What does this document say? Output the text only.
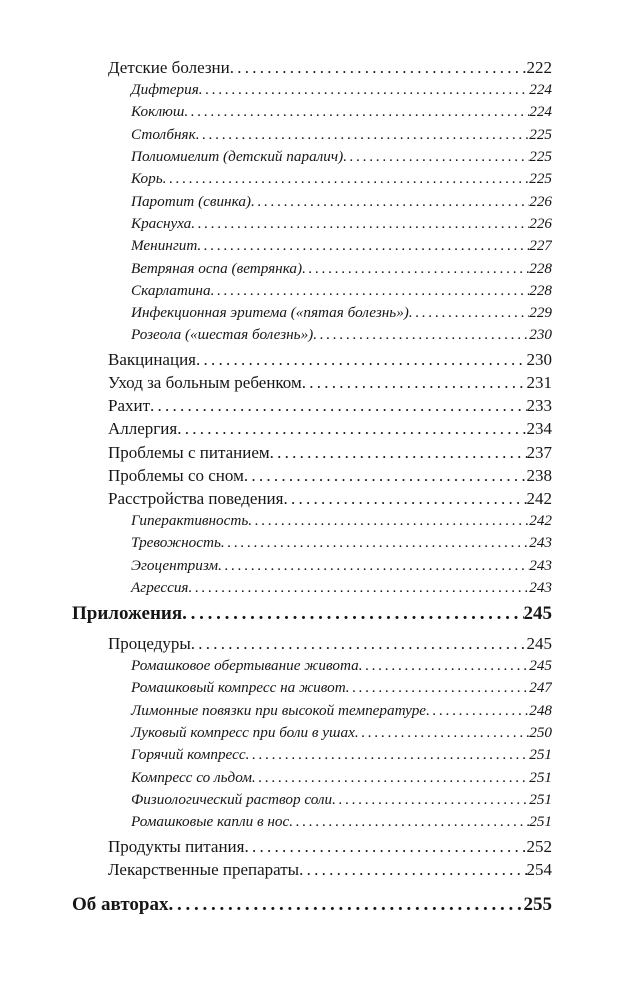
Детские болезни . . .	222
Дифтерия . . .	224
Коклюш . . .	224
Столбняк . . .	225
Полиомиелит (детский паралич) . . .	225
Корь . . .	225
Паротит (свинка) . . .	226
Краснуха . . .	226
Менингит . . .	227
Ветряная оспа (ветрянка) . . .	228
Скарлатина . . .	228
Инфекционная эритема («пятая болезнь») . . .	229
Розеола («шестая болезнь») . . .	230
Вакцинация . . .	230
Уход за больным ребенком . . .	231
Рахит . . .	233
Аллергия . . .	234
Проблемы с питанием . . .	237
Проблемы со сном . . .	238
Расстройства поведения . . .	242
Гиперактивность . . .	242
Тревожность . . .	243
Эгоцентризм . . .	243
Агрессия . . .	243
Приложения . . .	245
Процедуры . . .	245
Ромашковое обертывание живота . . .	245
Ромашковый компресс на живот . . .	247
Лимонные повязки при высокой температуре . . .	248
Луковый компресс при боли в ушах . . .	250
Горячий компресс . . .	251
Компресс со льдом . . .	251
Физиологический раствор соли . . .	251
Ромашковые капли в нос . . .	251
Продукты питания . . .	252
Лекарственные препараты . . .	254
Об авторах . . .	255
